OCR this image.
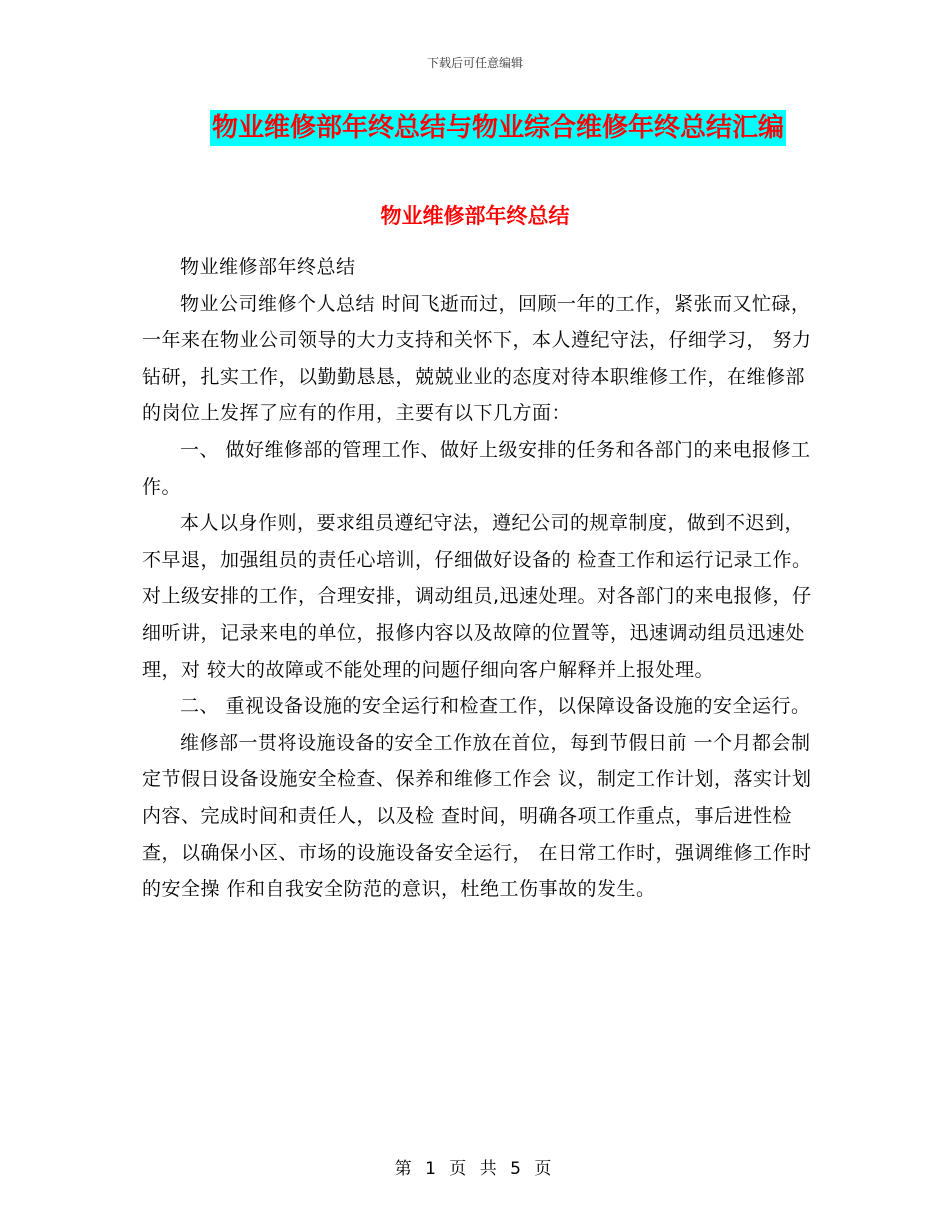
下载后可任意编辑
物业维修部年终总结与物业综合维修年终总结汇编
物业维修部年终总结

物业维修部年终总结

物业公司维修个人总结 时间飞逝而过，回顾一年的工作，紧张而又忙碌，一年来在物业公司领导的大力支持和关怀下，本人遵纪守法，仔细学习， 努力钻研，扎实工作，以勤勤恳恳，兢兢业业的态度对待本职维修工作，在维修部的岗位上发挥了应有的作用，主要有以下几方面：

一、 做好维修部的管理工作、做好上级安排的任务和各部门的来电报修工作。

本人以身作则，要求组员遵纪守法，遵纪公司的规章制度，做到不迟到，不早退，加强组员的责任心培训，仔细做好设备的 检查工作和运行记录工作。对上级安排的工作，合理安排，调动组员,迅速处理。对各部门的来电报修，仔细听讲，记录来电的单位，报修内容以及故障的位置等，迅速调动组员迅速处理，对 较大的故障或不能处理的问题仔细向客户解释并上报处理。

二、 重视设备设施的安全运行和检查工作，以保障设备设施的安全运行。

维修部一贯将设施设备的安全工作放在首位，每到节假日前 一个月都会制定节假日设备设施安全检查、保养和维修工作会 议，制定工作计划，落实计划内容、完成时间和责任人，以及检 查时间，明确各项工作重点，事后进性检查，以确保小区、市场的设施设备安全运行， 在日常工作时，强调维修工作时的安全操 作和自我安全防范的意识，杜绝工伤事故的发生。

第 1 页 共 5 页
